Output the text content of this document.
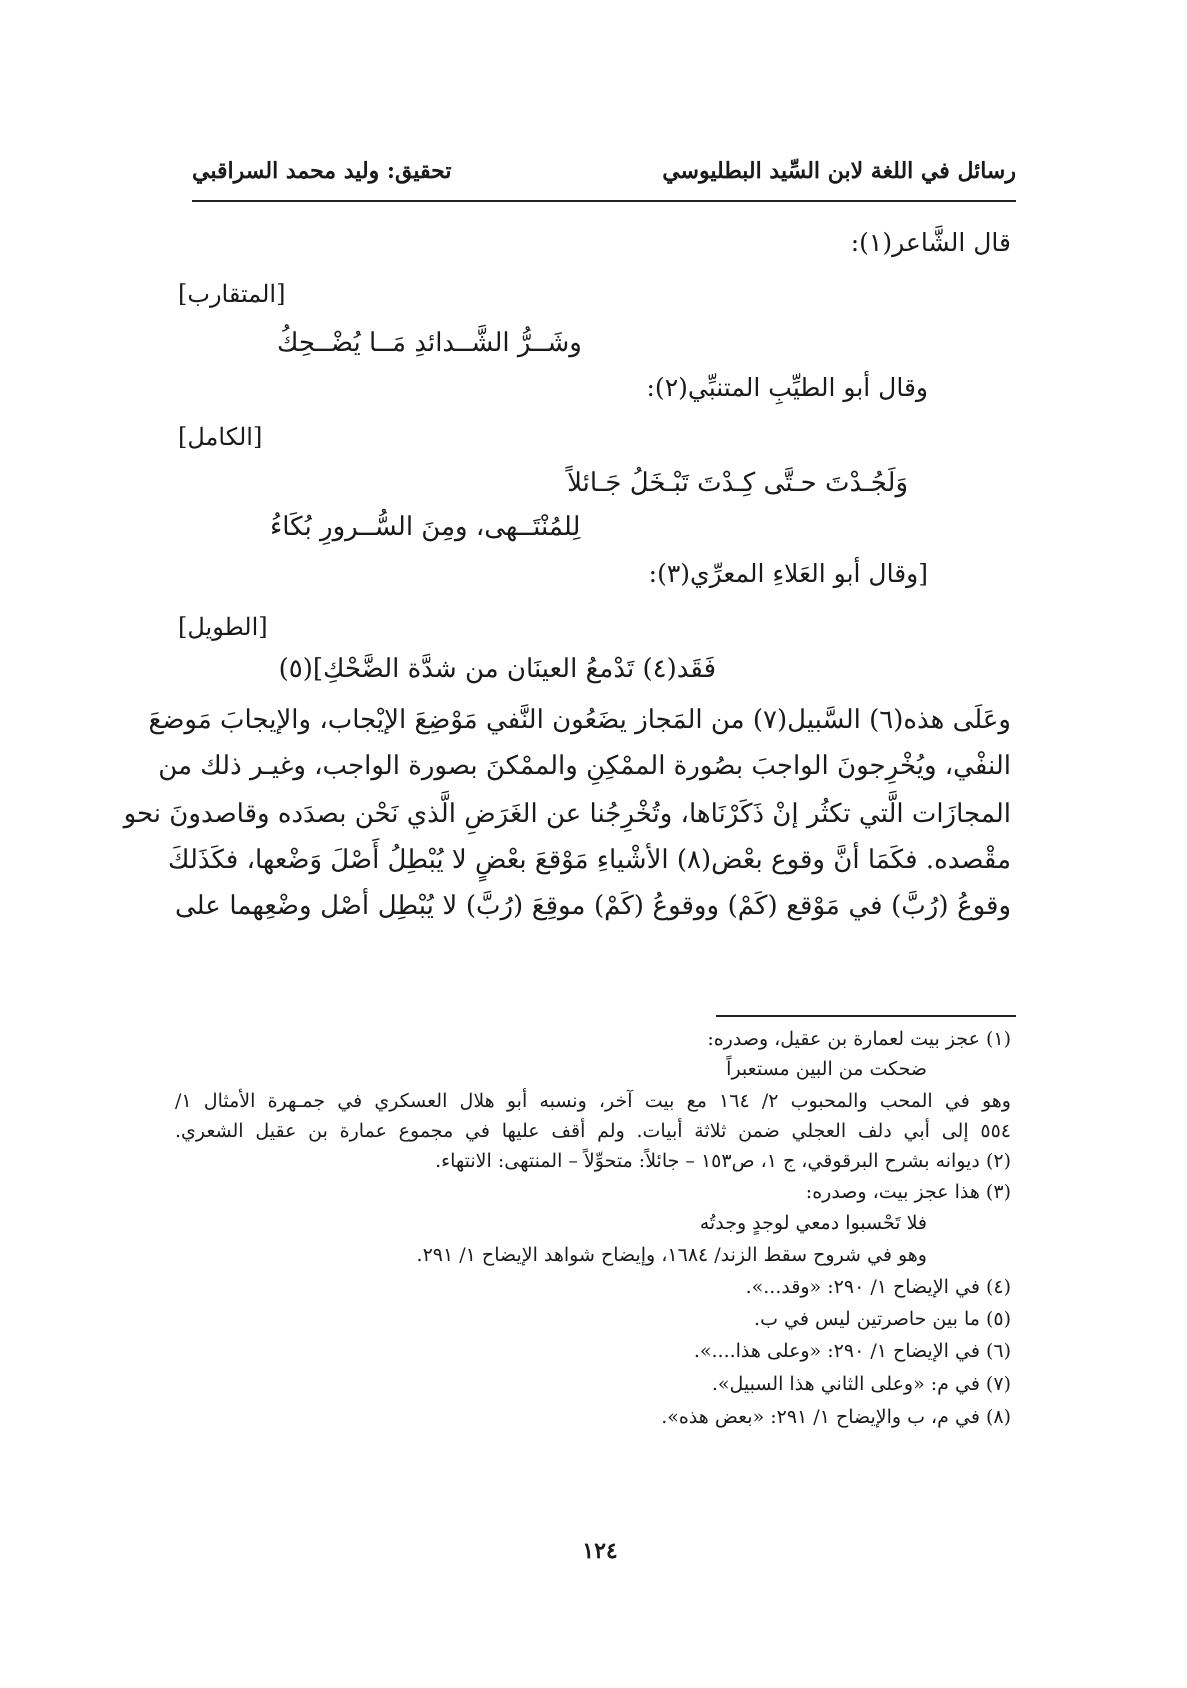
رسائل في اللغة لابن السِّيد البطليوسي
تحقيق: وليد محمد السراقبي
قال الشَّاعر(١):
[المتقارب]
وشَــرُّ الشَّــدائدِ مَــا يُضْــحِكُ
وقال أبو الطيِّبِ المتنبِّي(٢):
[الكامل]
وَلَجُـدْتَ حـتَّى كِـدْتَ تَبْـخَلُ جَـائلاً
لِلمُنْتَــهى، ومِنَ السُّــرورِ بُكَاءُ
[وقال أبو العَلاءِ المعرِّي(٣):
[الطويل]
فَقَد(٤) تَدْمعُ العينَان من شدَّة الضَّحْكِ](٥)
وعَلَى هذه(٦) السَّبيل(٧) من المَجاز يضَعُون النَّفي مَوْضِعَ الإيْجاب، والإيجابَ مَوضعَ
النفْي، ويُخْرِجونَ الواجبَ بصُورة الممْكِنِ والممْكنَ بصورة الواجب، وغيـر ذلك من
المجازَات الَّتي تكثُر إنْ ذَكَرْنَاها، وتُخْرِجُنا عن الغَرَضِ الَّذي نَحْن بصدَده وقاصدونَ نحو
مقْصده. فكَمَا أنَّ وقوع بعْض(٨) الأشْياءِ مَوْقعَ بعْضٍ لا يُبْطِلُ أَصْلَ وَضْعها، فكَذَلكَ
وقوعُ (رُبَّ) في مَوْقع (كَمْ) ووقوعُ (كَمْ) موقِعَ (رُبَّ) لا يُبْطِل أصْل وضْعِهما على
(١) عجز بيت لعمارة بن عقيل، وصدره:
ضحكت من البين مستعبراً
وهو في المحب والمحبوب ٢/ ١٦٤ مع بيت آخر، ونسبه أبو هلال العسكري في جمـهرة الأمثال ١/
٥٥٤ إلى أبي دلف العجلي ضمن ثلاثة أبيات. ولم أقف عليها في مجموع عمارة بن عقيل الشعري.
(٢) ديوانه بشرح البرقوقي، ج ١، ص١٥٣ – جائلاً: متحوِّلاً – المنتهى: الانتهاء.
(٣) هذا عجز بيت، وصدره:
فلا تَحْسبوا دمعي لوجدٍ وجدتُه
وهو في شروح سقط الزند/ ١٦٨٤، وإيضاح شواهد الإيضاح ١/ ٢٩١.
(٤) في الإيضاح ١/ ٢٩٠: «وقد...».
(٥) ما بين حاصرتين ليس في ب.
(٦) في الإيضاح ١/ ٢٩٠: «وعلى هذا....».
(٧) في م: «وعلى الثاني هذا السبيل».
(٨) في م، ب والإيضاح ١/ ٢٩١: «بعض هذه».
١٢٤
